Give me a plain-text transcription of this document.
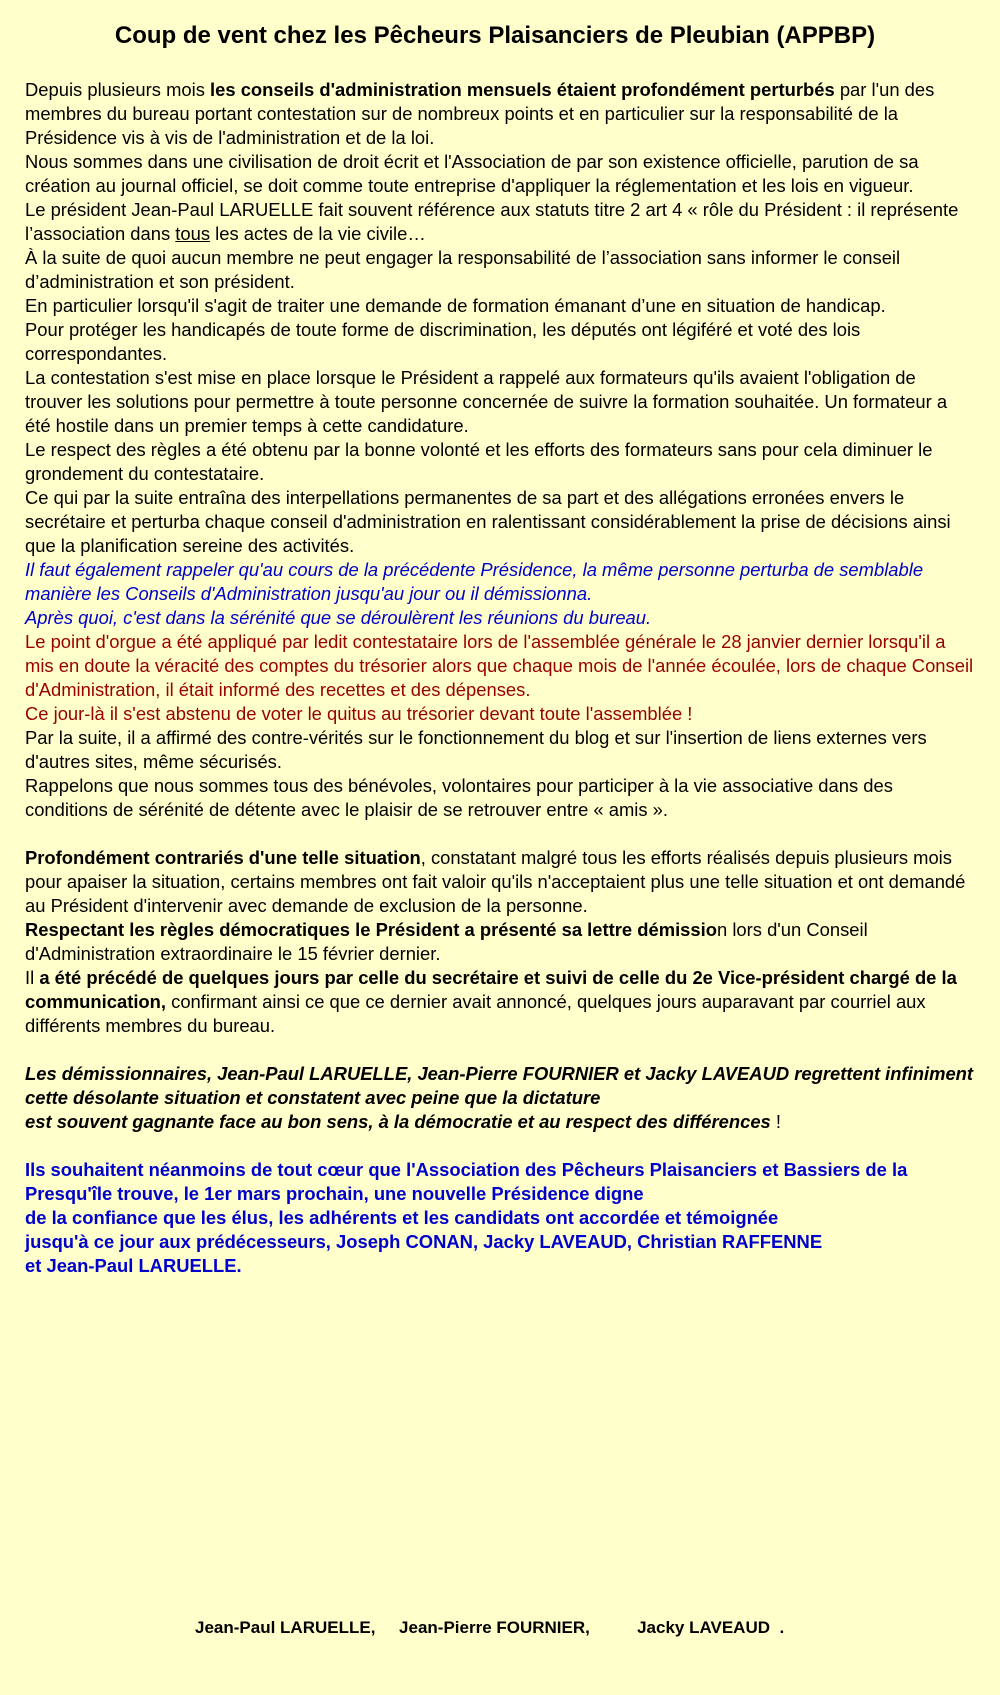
Coup de vent chez les Pêcheurs Plaisanciers de Pleubian (APPBP)

Depuis plusieurs mois les conseils d'administration mensuels étaient profondément perturbés par l'un des membres du bureau portant contestation sur de nombreux points et en particulier sur la responsabilité de la Présidence vis à vis de l'administration et de la loi.

Nous sommes dans une civilisation de droit écrit et l'Association de par son existence officielle, parution de sa création au journal officiel, se doit comme toute entreprise d'appliquer la réglementation et les lois en vigueur.

Le président Jean-Paul LARUELLE fait souvent référence aux statuts titre 2 art 4 « rôle du Président : il représente l’association dans tous les actes de la vie civile…

À la suite de quoi aucun membre ne peut engager la responsabilité de l’association sans informer le conseil d’administration et son président.

En particulier lorsqu'il s'agit de traiter une demande de formation émanant d’une en situation de handicap.

Pour protéger les handicapés de toute forme de discrimination, les députés ont légiféré et voté des lois correspondantes.

La contestation s'est mise en place lorsque le Président a rappelé aux formateurs qu'ils avaient l'obligation de trouver les solutions pour permettre à toute personne concernée de suivre la formation souhaitée. Un formateur a été hostile dans un premier temps à cette candidature.

Le respect des règles a été obtenu par la bonne volonté et les efforts des formateurs sans pour cela diminuer le grondement du contestataire.

Ce qui par la suite entraîna des interpellations permanentes de sa part et des allégations erronées envers le secrétaire et perturba chaque conseil d'administration en ralentissant considérablement la prise de décisions ainsi que la planification sereine des activités.

Il faut également rappeler qu'au cours de la précédente Présidence, la même personne perturba de semblable manière les Conseils d'Administration jusqu'au jour ou il démissionna.

Après quoi, c'est dans la sérénité que se déroulèrent les réunions du bureau.

Le point d'orgue a été appliqué par ledit contestataire lors de l'assemblée générale le 28 janvier dernier lorsqu'il a mis en doute la véracité des comptes du trésorier alors que chaque mois de l'année écoulée, lors de chaque Conseil d'Administration, il était informé des recettes et des dépenses.

Ce jour-là il s'est abstenu de voter le quitus au trésorier devant toute l'assemblée !

Par la suite, il a affirmé des contre-vérités sur le fonctionnement du blog et sur l'insertion de liens externes vers d'autres sites, même sécurisés.

Rappelons que nous sommes tous des bénévoles, volontaires pour participer à la vie associative dans des conditions de sérénité de détente avec le plaisir de se retrouver entre « amis ».

Profondément contrariés d'une telle situation, constatant malgré tous les efforts réalisés depuis plusieurs mois pour apaiser la situation, certains membres ont fait valoir qu'ils n'acceptaient plus une telle situation et ont demandé au Président d'intervenir avec demande de exclusion de la personne.

Respectant les règles démocratiques le Président a présenté sa lettre démission lors d'un Conseil d'Administration extraordinaire le 15 février dernier.

Il a été précédé de quelques jours par celle du secrétaire et suivi de celle du 2e Vice-président chargé de la communication, confirmant ainsi ce que ce dernier avait annoncé, quelques jours auparavant par courriel aux différents membres du bureau.

Les démissionnaires, Jean-Paul LARUELLE, Jean-Pierre FOURNIER et Jacky LAVEAUD regrettent infiniment cette désolante situation et constatent avec peine que la dictature

est souvent gagnante face au bon sens, à la démocratie et au respect des différences !

Ils souhaitent néanmoins de tout cœur que l'Association des Pêcheurs Plaisanciers et Bassiers de la Presqu'île trouve, le 1er mars prochain, une nouvelle Présidence digne

de la confiance que les élus, les adhérents et les candidats ont accordée et témoignée

jusqu'à ce jour aux prédécesseurs, Joseph CONAN, Jacky LAVEAUD, Christian RAFFENNE

et Jean-Paul LARUELLE.

Jean-Paul LARUELLE,     Jean-Pierre FOURNIER,          Jacky LAVEAUD  .
